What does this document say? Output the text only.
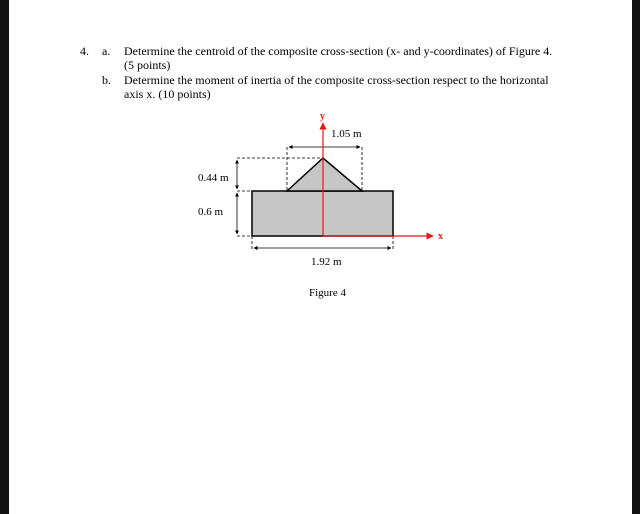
4. a. Determine the centroid of the composite cross-section (x- and y-coordinates) of Figure 4.
(5 points)
b. Determine the moment of inertia of the composite cross-section respect to the horizontal
axis x. (10 points)
y
x
1.05 m
0.44 m
0.6 m
1.92 m
Figure 4
